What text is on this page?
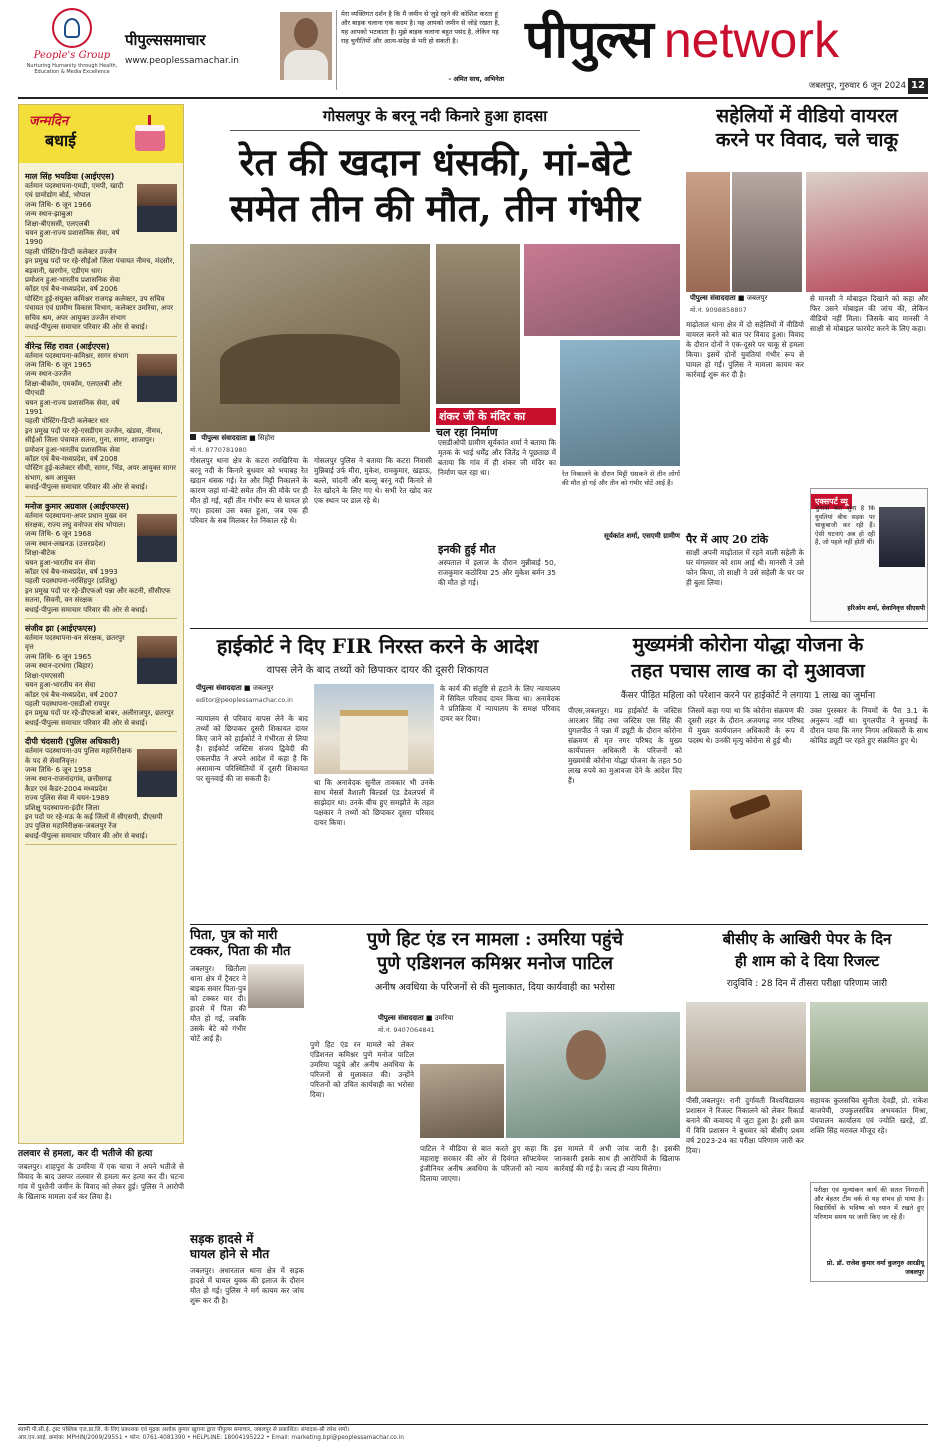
People's Group
Nurturing Humanity through Health, Education & Media Excellence
पीपुल्ससमाचार
www.peoplessamachar.in
मेरा व्यक्तिगत दर्शन है कि मैं जमीन से जुड़े रहने की कोशिश करता हूं और बाइक चलाना एक कदम है। यह आपको जमीन से जोड़े रखता है, यह आपको भटकाता है। मुझे बाइक चलाना बहुत पसंद है, लेकिन यह राह चुनौतियों और आत्म-संदेह से भरी हो सकती है।
- अमित साध, अभिनेता
पीपुल्स network
जबलपुर, गुरुवार 6 जून 2024 12
जन्मदिन
बधाई
माल सिंह भयडिया (आईएएस)
वर्तमान पदस्थापना-एमडी, एमपी, खादी एवं ग्रामोद्योग बोर्ड, भोपाल
जन्म तिथि- 6 जून 1966
जन्म स्थान-झाबुआ
शिक्षा-बीएससी, एलएलबी
चयन हुआ-राज्य प्रशासनिक सेवा, वर्ष 1990
पहली पोस्टिंग-डिप्टी कलेक्टर उज्जैन
इन प्रमुख पदों पर रहे-सीईओ जिला पंचायत नीमच, मंदसौर, बड़वानी, खरगोन, एडीएम धार।
प्रमोशन हुआ-भारतीय प्रशासनिक सेवा
कॉडर एवं बैच-मध्यप्रदेश, वर्ष 2006
पोस्टिंग हुई-संयुक्त कमिश्नर राजगढ़ कलेक्टर, उप सचिव पंचायत एवं ग्रामीण विकास विभाग, कलेक्टर उमरिया, अपर सचिव श्रम, अपर आयुक्त उज्जैन संभाग
वधाई-पीपुल्स समाचार परिवार की ओर से बधाई।
वीरेन्द्र सिंह रावत (आईएएस)
वर्तमान पदस्थापना-कमिश्नर, सागर संभाग
जन्म तिथि- 6 जून 1965
जन्म स्थान-उज्जैन
शिक्षा-बीकॉम, एमकॉम, एलएलबी और पीएचडी
चयन हुआ-राज्य प्रशासनिक सेवा, वर्ष 1991
पहली पोस्टिंग-डिप्टी कलेक्टर धार
इन प्रमुख पदों पर रहे-एसडीएम उज्जैन, खंडवा, नीमच, सीईओ जिला पंचायत सतना, गुना, सागर, शाजापुर।
प्रमोशन हुआ-भारतीय प्रशासनिक सेवा
कॉडर एवं बैच-मध्यप्रदेश, वर्ष 2008
पोस्टिंग हुई-कलेक्टर सीधी, सागर, भिंड, अपर आयुक्त सागर संभाग, श्रम आयुक्त
बधाई-पीपुल्स समाचार परिवार की ओर से बधाई।
मनोज कुमार अग्रवाल (आईएफएस)
वर्तमान पदस्थापना-अपर प्रधान मुख्य वन संरक्षक, राज्य लघु वनोपज संघ भोपाल।
जन्म तिथि- 6 जून 1968
जन्म स्थान-लखनऊ (उत्तरप्रदेश)
शिक्षा-बीटेक
चयन हुआ-भारतीय वन सेवा
कॉडर एवं बैच-मध्यप्रदेश, वर्ष 1993
पहली पदस्थापना-नरसिंहपुर (प्रशिक्षु)
इन प्रमुख पदों पर रहे-डीएफओ पन्ना और कटनी, सीसीएफ सतना, सिवनी, वन संरक्षक
बधाई-पीपुल्स समाचार परिवार की ओर से बधाई।
संजीव झा (आईएफएस)
वर्तमान पदस्थापना-वन संरक्षक, छतरपुर वृत्त
जन्म तिथि- 6 जून 1965
जन्म स्थान-दरभंगा (बिहार)
शिक्षा-एमएससी
चयन हुआ-भारतीय वन सेवा
कॉडर एवं बैच-मध्यप्रदेश, वर्ष 2007
पहली पदस्थापना-एसडीओ रायपुर
इन प्रमुख पदों पर रहे-डीएफओ बाबर, अलीराजपुर, छतरपुर
बधाई-पीपुल्स समाचार परिवार की ओर से बधाई।
दीपी चंदसारी (पुलिस अधिकारी)
वर्तमान पदस्थापना-उप पुलिस महानिरीक्षक के पद से सेवानिवृत्त।
जन्म तिथि- 6 जून 1958
जन्म स्थान-राजनांदगांव, छत्तीसगढ़
कैडर एवं कैडर-2004 मध्यप्रदेश
राज्य पुलिस सेवा में चयन-1989
प्रशिक्षु पदस्थापना-इंदौर जिला
इन पदों पर रहे-मऊ के कई जिलों में सीएसपी, डीएसपी
उप पुलिस महानिरीक्षक-जबलपुर रेंज
बधाई-पीपुल्स समाचार परिवार की ओर से बधाई।
गोसलपुर के बरनू नदी किनारे हुआ हादसा
रेत की खदान धंसकी, मां-बेटे
समेत तीन की मौत, तीन गंभीर
पीपुल्स संवाददाता ■ सिहोरा
मो.नं. 8770781980
शंकर जी के मंदिर का
चल रहा निर्माण
गोसलपुर थाना क्षेत्र के कटरा रमखिरिया के बरनू नदी के किनारे बुधवार को भयाबह रेत खदान धंसक गई। रेत और मिट्टी निकालने के कारण जहां मां-बेटे समेत तीन की मौके पर ही मौत हो गई, वहीं तीन गंभीर रूप से घायल हो गए। हादसा उस वक्त हुआ, जब एक ही परिवार के सब मिलकर रेत निकाल रहे थे।
गोसलपुर पुलिस ने बताया कि कटरा निवासी मुन्निबाई उर्फ मीरा, मुकेश, रामकुमार, खड़ाऊ, बल्ले, चांदनी और बल्लू बरनू नदी किनारे से रेत खोदने के लिए गए थे। सभी रेत खोद कर एक स्थान पर डाल रहे थे।
एसडीओपी ग्रामीण सूर्यकांत शर्मा ने बताया कि मृतक के भाई धर्मेंद्र और जितेंद्र ने पूछताछ में बताया कि गांव में ही शंकर जी मंदिर का निर्माण चल रहा था।
इनकी हुई मौत
अस्पताल में इलाज के दौरान मुन्नीबाई 50, राजकुमार कठोरिया 25 और मुकेश बर्मन 35 की मौत हो गई।
रेत निकालने के दौरान मिट्टी धंसकने से तीन लोगों की मौत हो गई और तीन को गंभीर चोटें आई हैं।
सूर्यकांत शर्मा, एसएमी ग्रामीण
सहेलियों में वीडियो वायरल
करने पर विवाद, चले चाकू
पीपुल्स संवाददाता ■ जबलपुर
मो.नं. 9098858807
माढ़ोताल थाना क्षेत्र में दो सहेलियों में वीडियो वायरल करने को बात पर विवाद हुआ। विवाद के दौरान दोनों ने एक-दूसरे पर चाकू से हमला किया। इसमें दोनों युवतियां गंभीर रूप से घायल हो गईं। पुलिस ने मामला कायम कर कार्रवाई शुरू कर दी है।
से मानसी ने मोबाइल दिखाने को कहा और फिर उसने मोबाइल की जांच की, लेकिन वीडियो नहीं मिला। जिसके बाद मानसी ने साक्षी से मोबाइल फारमेट करने के लिए कहा।
पैर में आए 20 टांके
साक्षी अपनी माढ़ोताल में रहने वाली सहेली के घर मंगलवार को शाम आई थी। मानसी ने उसे फोन किया, तो साक्षी ने उसे सहेली के घर पर ही बुला लिया।
एक्सपर्ट व्यू
चुनावी बात सुना है कि युवतियां बीच सड़क पर चाकूबाजी कर रही हैं। ऐसी घटनाएं अब हो रही हैं, जो पहले नहीं होती थीं।
हरिओम शर्मा, सेवानिवृत्त सीएसपी
हाईकोर्ट ने दिए FIR निरस्त करने के आदेश
वापस लेने के बाद तथ्यों को छिपाकर दायर की दूसरी शिकायत
पीपुल्स संवाददाता ■ जबलपुर
editor@peoplessamachar.co.in
न्यायालय से परिवाद वापस लेने के बाद तथ्यों को छिपाकर दूसरी शिकायत दायर किए जाने को हाईकोर्ट ने गंभीरता से लिया है। हाईकोर्ट जस्टिस संजय द्विवेदी की एकलपीठ ने अपने आदेश में कहा है कि असामान्य परिस्थितियों में दूसरी शिकायत पर सुनवाई की जा सकती है।	था कि अनावेदक सुनील तावकार भी उनके साथ मेसर्स वैशाली बिल्डर्स एंड डेवलपर्स में साझेदार था। उनके बीच हुए समझौते के तहत पक्षकार ने तथ्यों को छिपाकर दूसरा परिवाद दायर किया।
के कार्य की संतुष्टि से हटाने के लिए न्यायालय में सिविल परिवाद दायर किया था। अनावेदक ने प्रतिक्रिया में न्यायालय के समक्ष परिवाद दायर कर दिया।
मुख्यमंत्री कोरोना योद्धा योजना के
तहत पचास लाख का दो मुआवजा
कैंसर पीड़ित महिला को परेशान करने पर हाईकोर्ट ने लगाया 1 लाख का जुर्माना
पीएस,जबलपुर। मप्र हाईकोर्ट के जस्टिस आरआर सिंह तथा जस्टिस एस सिंह की युगलपीठ ने पन्ना में ड्यूटी के दौरान कोरोना संक्रमण से मृत नगर परिषद के मुख्य कार्यपालन अधिकारी के परिजनों को मुख्यमंत्री कोरोना योद्धा योजना के तहत 50 लाख रुपये का मुआवजा देने के आदेश दिए हैं।
जिसमें कहा गया था कि कोरोना संक्रमण की दूसरी लहर के दौरान अजयगढ़ नगर परिषद में मुख्य कार्यपालन अधिकारी के रूप में पदस्थ थे। उनकी मृत्यु कोरोना से हुई थी।
उक्त पुरस्कार के नियमों के पैरा 3.1 के अनुरूप नहीं था। युगलपीठ ने सुनवाई के दौरान पाया कि नगर निगम अधिकारी के साथ कोविड ड्यूटी पर रहते हुए संक्रमित हुए थे।
तलवार से हमला, कर दी भतीजे की हत्या
जबलपुर। शाहपुरा के उमरिया में एक चाचा ने अपने भतीजे से विवाद के बाद उसपर तलवार से हमला कर हत्या कर दी। घटना गांव में पुश्तैनी जमीन के विवाद को लेकर हुई। पुलिस ने आरोपी के खिलाफ मामला दर्ज कर लिया है।
पिता, पुत्र को मारी
टक्कर, पिता की मौत
जबलपुर। खितौला थाना क्षेत्र में ट्रैक्टर ने बाइक सवार पिता-पुत्र को टक्कर मार दी। हादसे में पिता की मौत हो गई, जबकि उसके बेटे को गंभीर चोटें आई हैं।
सड़क हादसे में
घायल होने से मौत
जबलपुर। अधारताल थाना क्षेत्र में सड़क हादसे में घायल युवक की इलाज के दौरान मौत हो गई। पुलिस ने मर्ग कायम कर जांच शुरू कर दी है।
पुणे हिट एंड रन मामला : उमरिया पहुंचे
पुणे एडिशनल कमिश्नर मनोज पाटिल
अनीष अवधिया के परिजनों से की मुलाकात, दिया कार्यवाही का भरोसा
पीपुल्स संवाददाता ■ उमरिया
मो.नं. 9407064841
पुणे हिट एंड रन मामले को लेकर एडिशनल कमिश्नर पुणे मनोज पाटिल उमरिया पहुंचे और अनीष अवधिया के परिजनों से मुलाकात की। उन्होंने परिजनों को उचित कार्यवाही का भरोसा दिया।
पाटिल ने मीडिया से बात करते हुए कहा कि महाराष्ट्र सरकार की ओर से दिवंगत सॉफ्टवेयर इंजीनियर अनीष अवधिया के परिजनों को न्याय दिलाया जाएगा।
इस मामले में अभी जांच जारी है। इसकी जानकारी इसके साथ ही आरोपियों के खिलाफ कार्रवाई की गई है। जल्द ही न्याय मिलेगा।
बीसीए के आखिरी पेपर के दिन
ही शाम को दे दिया रिजल्ट
रादुविवि : 28 दिन में तीसरा परीक्षा परिणाम जारी
पीसी,जबलपुर। रानी दुर्गावती विश्वविद्यालय प्रशासन ने रिजल्ट निकालने को लेकर रिकार्ड बनाने की कवायद में जुटा हुआ है। इसी क्रम में विवि प्रशासन ने बुधवार को बीसीए प्रथम वर्ष 2023-24 का परीक्षा परिणाम जारी कर दिया।
सहायक कुलसचिव सुनीता देवड़ी, प्रो. राकेश बाजपेयी, उपकुलसचिव अभयकांत मिश्रा, पंचपालन कार्यालय एवं ज्योति खरड़े, डॉ. शक्ति सिंह मरावल मौजूद रहे।
परीक्षा एवं मूल्यांकन कार्य की सतत निगरानी और बेहतर टीम वर्क से यह संभव हो पाया है। विद्यार्थियों के भविष्य को ध्यान में रखते हुए परिणाम समय पर जारी किए जा रहे हैं।
प्रो. डॉ. राजेश कुमार वर्मा कुलगुरु आरडीयू जबलपुर
स्वामी पी.सी.ई. ट्रस्ट पब्लिक एज.प्रा.लि. के लिए प्रकाशक एवं मुद्रक अशोक कुमार खुराना द्वारा पीपुल्स समाचार, जबलपुर से प्रकाशित। संपादक-श्री रमेश शर्मा।
आर.एन.आई. क्रमांक: MPHIN/2009/29551 • फोन: 0761-4081390 • HELPLINE: 18004195222 • Email: marketing.bpl@peoplessamachar.co.in
